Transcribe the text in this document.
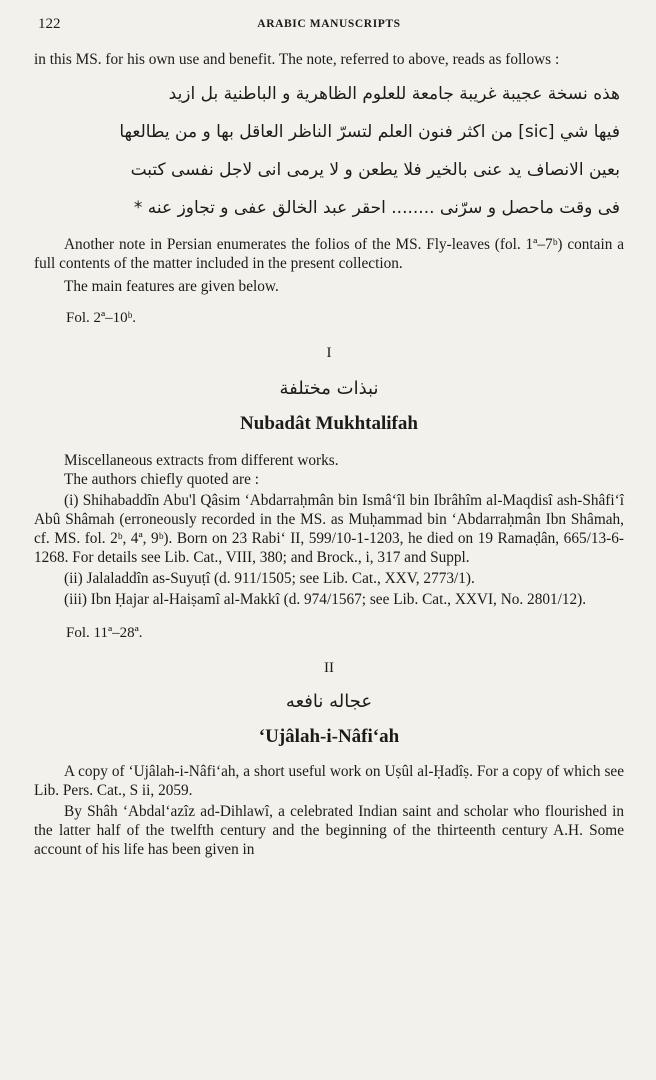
122	ARABIC MANUSCRIPTS

in this MS. for his own use and benefit. The note, referred to above, reads as follows :

هذه نسخة عجيبة غريبة جامعة للعلوم الظاهرية و الباطنية بل ازيد
فيها شي [sic] من اكثر فنون العلم لتسرّ الناظر العاقل بها و من يطالعها
بعين الانصاف يد عنى بالخير فلا يطعن و لا يرمى انى لاجل نفسى كتبت
فى وقت ماحصل و سرّنى ........ احقر عبد الخالق عفى و تجاوز عنه *

Another note in Persian enumerates the folios of the MS. Fly-leaves (fol. 1ª–7ᵇ) contain a full contents of the matter included in the present collection.

The main features are given below.

Fol. 2ª–10ᵇ.

I

نبذات مختلفة

Nubadât Mukhtalifah

Miscellaneous extracts from different works.

The authors chiefly quoted are :

(i) Shihabaddîn Abu'l Qâsim ʻAbdarraḥmân bin Ismâʻîl bin Ibrâhîm al-Maqdisî ash-Shâfiʻî Abû Shâmah (erroneously recorded in the MS. as Muḥammad bin ʻAbdarraḥmân Ibn Shâmah, cf. MS. fol. 2ᵇ, 4ª, 9ᵇ). Born on 23 Rabiʻ II, 599/10-1-1203, he died on 19 Ramaḍân, 665/13-6-1268. For details see Lib. Cat., VIII, 380; and Brock., i, 317 and Suppl.

(ii) Jalaladdîn as-Suyuṭî (d. 911/1505; see Lib. Cat., XXV, 2773/1).

(iii) Ibn Ḥajar al-Haiṣamî al-Makkî (d. 974/1567; see Lib. Cat., XXVI, No. 2801/12).

Fol. 11ª–28ª.

II

عجاله نافعه

ʻUjâlah-i-Nâfiʻah

A copy of ʻUjâlah-i-Nâfiʻah, a short useful work on Uṣûl al-Ḥadîṣ. For a copy of which see Lib. Pers. Cat., S ii, 2059.

By Shâh ʻAbdalʻazîz ad-Dihlawî, a celebrated Indian saint and scholar who flourished in the latter half of the twelfth century and the beginning of the thirteenth century A.H. Some account of his life has been given in
